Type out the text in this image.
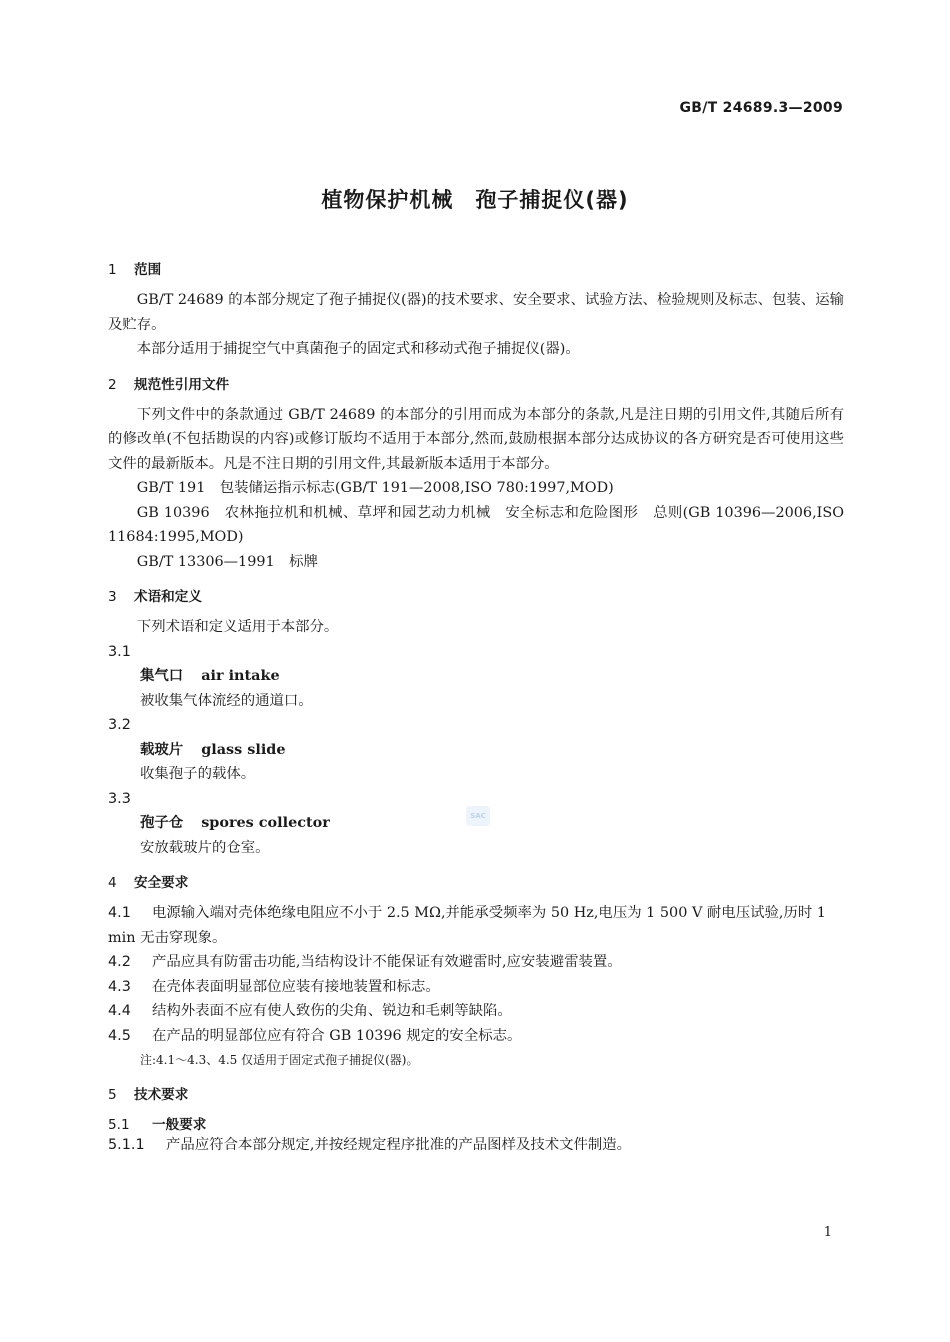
GB/T 24689.3—2009
植物保护机械　孢子捕捉仪(器)

1 范围

GB/T 24689 的本部分规定了孢子捕捉仪(器)的技术要求、安全要求、试验方法、检验规则及标志、包装、运输及贮存。

本部分适用于捕捉空气中真菌孢子的固定式和移动式孢子捕捉仪(器)。

2 规范性引用文件

下列文件中的条款通过 GB/T 24689 的本部分的引用而成为本部分的条款,凡是注日期的引用文件,其随后所有的修改单(不包括勘误的内容)或修订版均不适用于本部分,然而,鼓励根据本部分达成协议的各方研究是否可使用这些文件的最新版本。凡是不注日期的引用文件,其最新版本适用于本部分。

GB/T 191　包装储运指示标志(GB/T 191—2008,ISO 780:1997,MOD)

GB 10396　农林拖拉机和机械、草坪和园艺动力机械　安全标志和危险图形　总则(GB 10396—2006,ISO 11684:1995,MOD)

GB/T 13306—1991　标牌

3 术语和定义

下列术语和定义适用于本部分。

3.1

集气口 air intake

被收集气体流经的通道口。

3.2

载玻片 glass slide

收集孢子的载体。

3.3

孢子仓 spores collector

安放载玻片的仓室。

4 安全要求

4.1 电源输入端对壳体绝缘电阻应不小于 2.5 MΩ,并能承受频率为 50 Hz,电压为 1 500 V 耐电压试验,历时 1 min 无击穿现象。

4.2 产品应具有防雷击功能,当结构设计不能保证有效避雷时,应安装避雷装置。

4.3 在壳体表面明显部位应装有接地装置和标志。

4.4 结构外表面不应有使人致伤的尖角、锐边和毛刺等缺陷。

4.5 在产品的明显部位应有符合 GB 10396 规定的安全标志。

注:4.1～4.3、4.5 仅适用于固定式孢子捕捉仪(器)。

5 技术要求

5.1 一般要求

5.1.1 产品应符合本部分规定,并按经规定程序批准的产品图样及技术文件制造。

SAC
1
